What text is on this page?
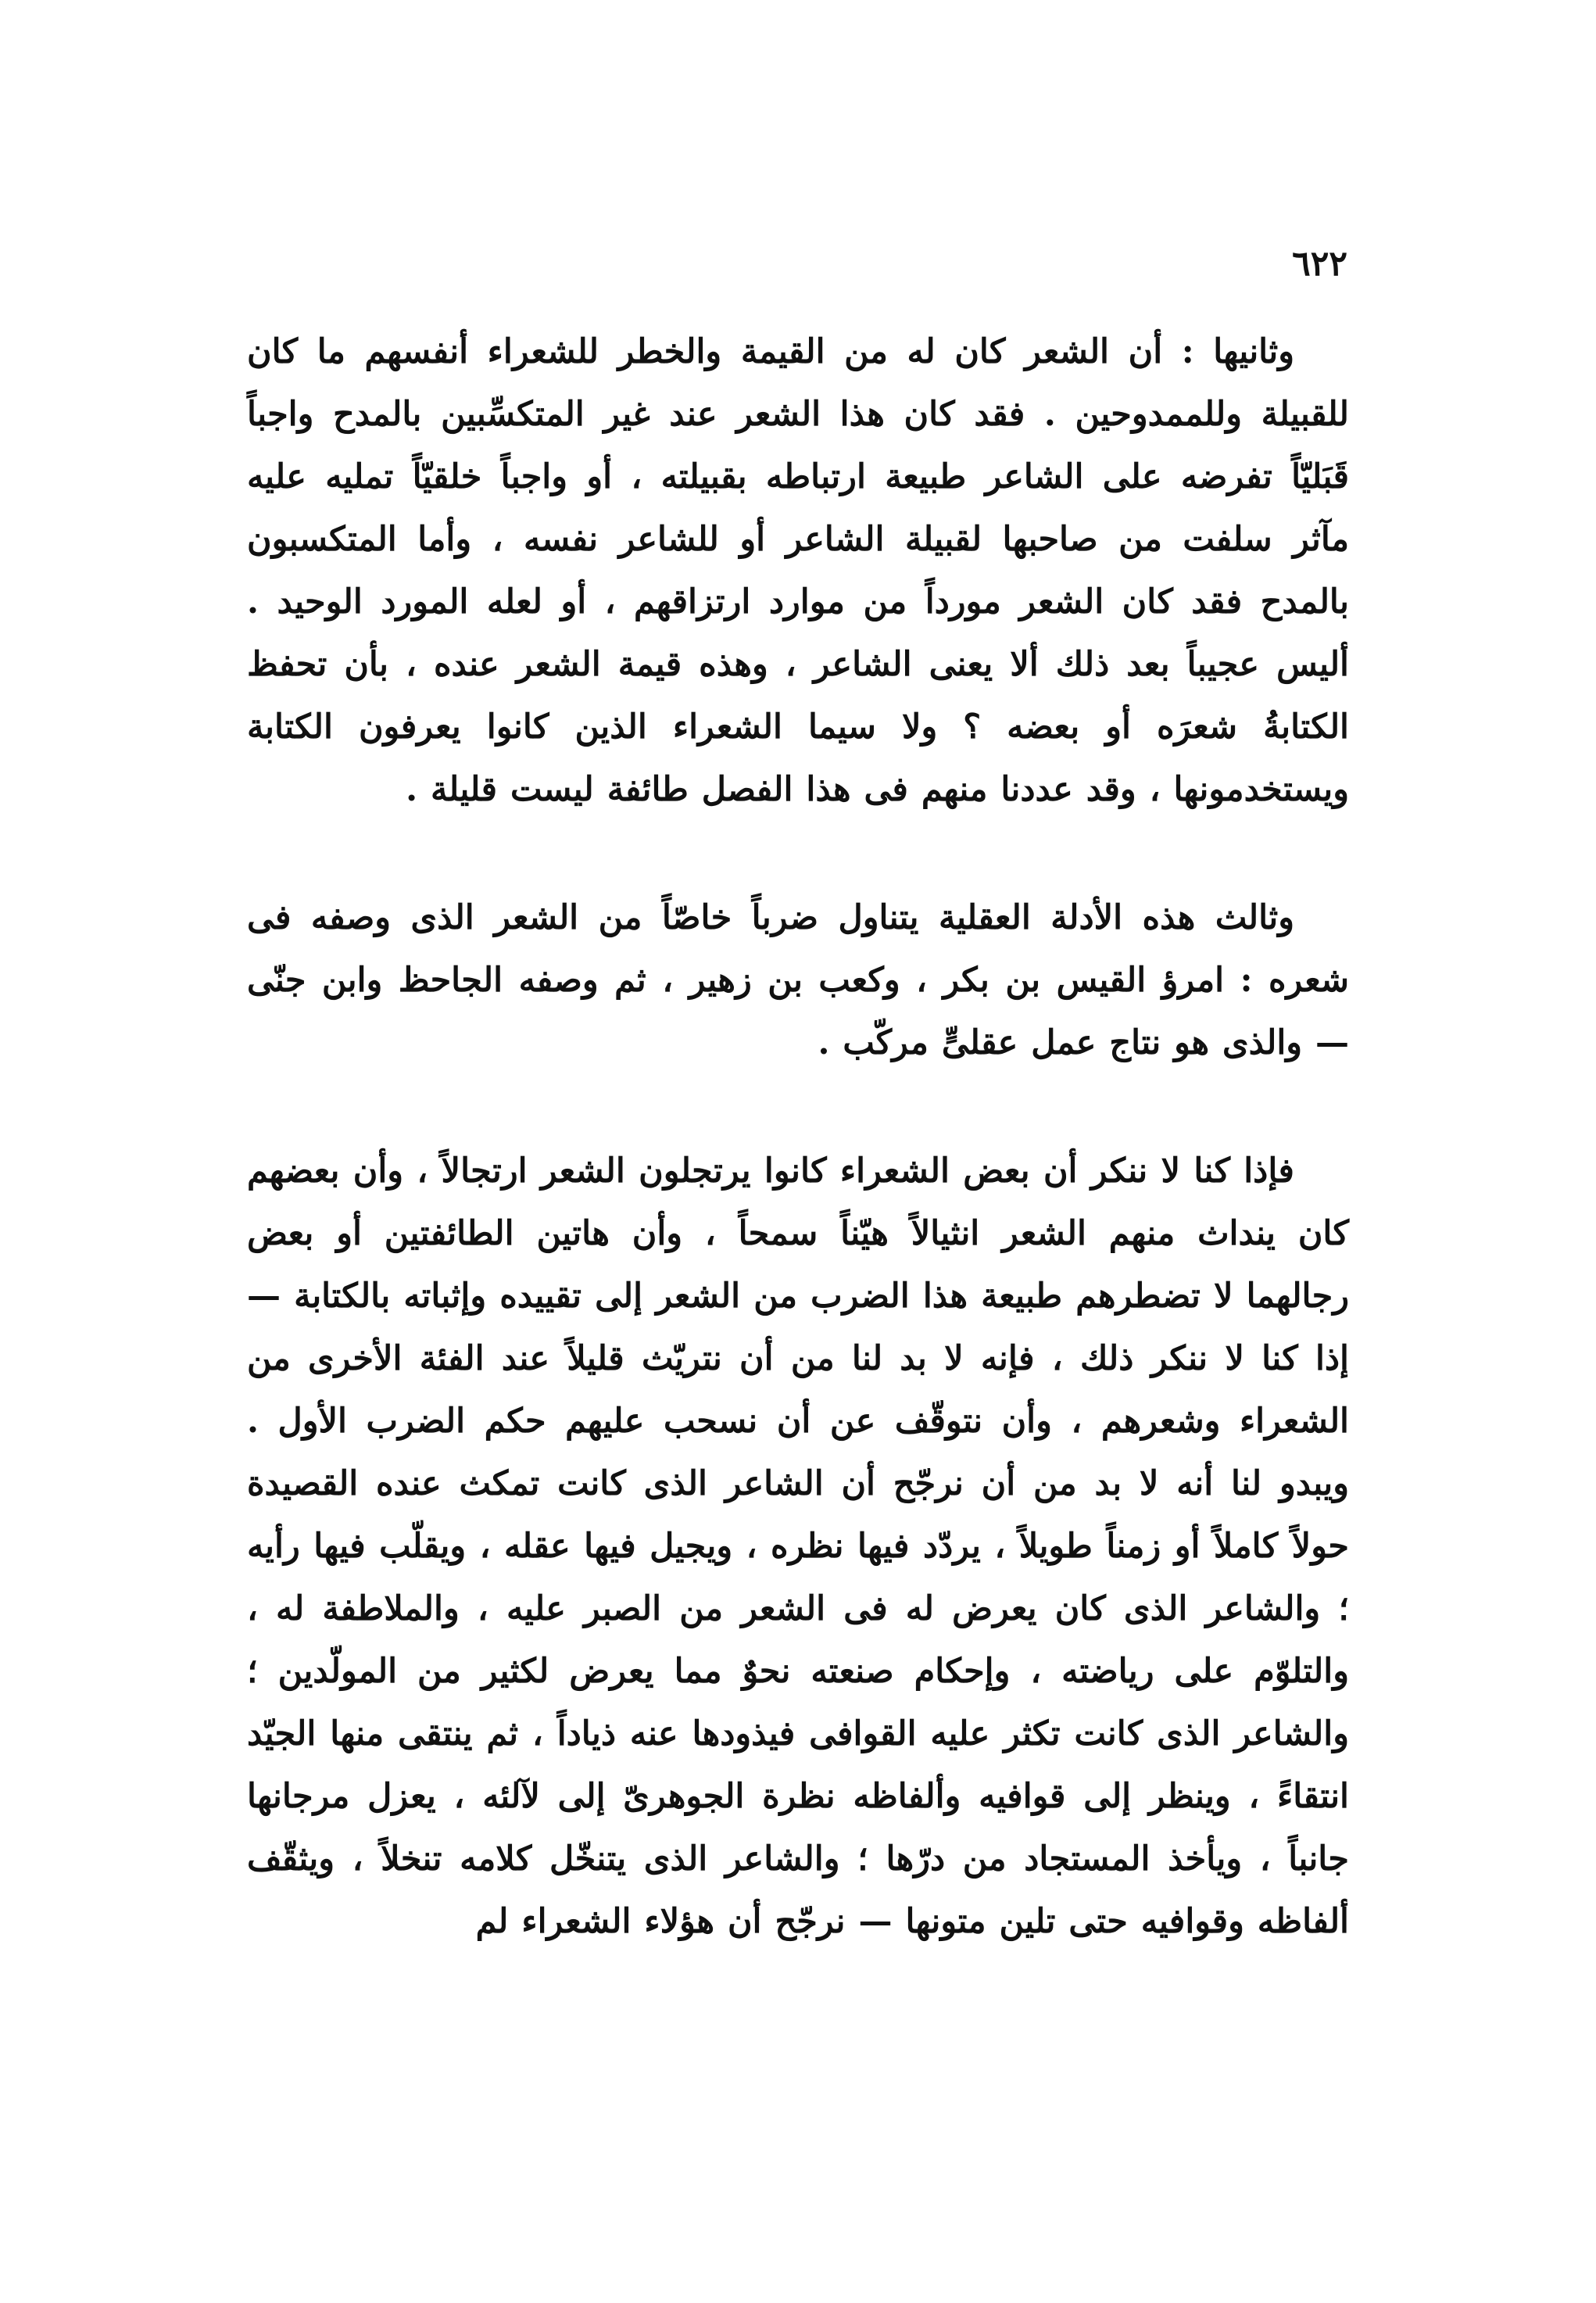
٦٢٢

وثانيها : أن الشعر كان له من القيمة والخطر للشعراء أنفسهم ما كان للقبيلة وللممدوحين . فقد كان هذا الشعر عند غير المتكسِّبين بالمدح واجباً قَبَليّاً تفرضه على الشاعر طبيعة ارتباطه بقبيلته ، أو واجباً خلقيّاً تمليه عليه مآثر سلفت من صاحبها لقبيلة الشاعر أو للشاعر نفسه ، وأما المتكسبون بالمدح فقد كان الشعر مورداً من موارد ارتزاقهم ، أو لعله المورد الوحيد . أليس عجيباً بعد ذلك ألا يعنى الشاعر ، وهذه قيمة الشعر عنده ، بأن تحفظ الكتابةُ شعرَه أو بعضه ؟ ولا سيما الشعراء الذين كانوا يعرفون الكتابة ويستخدمونها ، وقد عددنا منهم فى هذا الفصل طائفة ليست قليلة .

وثالث هذه الأدلة العقلية يتناول ضرباً خاصّاً من الشعر الذى وصفه فى شعره : امرؤ القيس بن بكر ، وكعب بن زهير ، ثم وصفه الجاحظ وابن جنّى — والذى هو نتاج عمل عقلىٍّ مركّب .

فإذا كنا لا ننكر أن بعض الشعراء كانوا يرتجلون الشعر ارتجالاً ، وأن بعضهم كان ينداث منهم الشعر انثيالاً هيّناً سمحاً ، وأن هاتين الطائفتين أو بعض رجالهما لا تضطرهم طبيعة هذا الضرب من الشعر إلى تقييده وإثباته بالكتابة — إذا كنا لا ننكر ذلك ، فإنه لا بد لنا من أن نتريّث قليلاً عند الفئة الأخرى من الشعراء وشعرهم ، وأن نتوقّف عن أن نسحب عليهم حكم الضرب الأول . ويبدو لنا أنه لا بد من أن نرجّح أن الشاعر الذى كانت تمكث عنده القصيدة حولاً كاملاً أو زمناً طويلاً ، يردّد فيها نظره ، ويجيل فيها عقله ، ويقلّب فيها رأيه ؛ والشاعر الذى كان يعرض له فى الشعر من الصبر عليه ، والملاطفة له ، والتلوّم على رياضته ، وإحكام صنعته نحوٌ مما يعرض لكثير من المولّدين ؛ والشاعر الذى كانت تكثر عليه القوافى فيذودها عنه ذياداً ، ثم ينتقى منها الجيّد انتقاءً ، وينظر إلى قوافيه وألفاظه نظرة الجوهرىّ إلى لآلئه ، يعزل مرجانها جانباً ، ويأخذ المستجاد من درّها ؛ والشاعر الذى يتنخّل كلامه تنخلاً ، ويثقّف ألفاظه وقوافيه حتى تلين متونها — نرجّح أن هؤلاء الشعراء لم
